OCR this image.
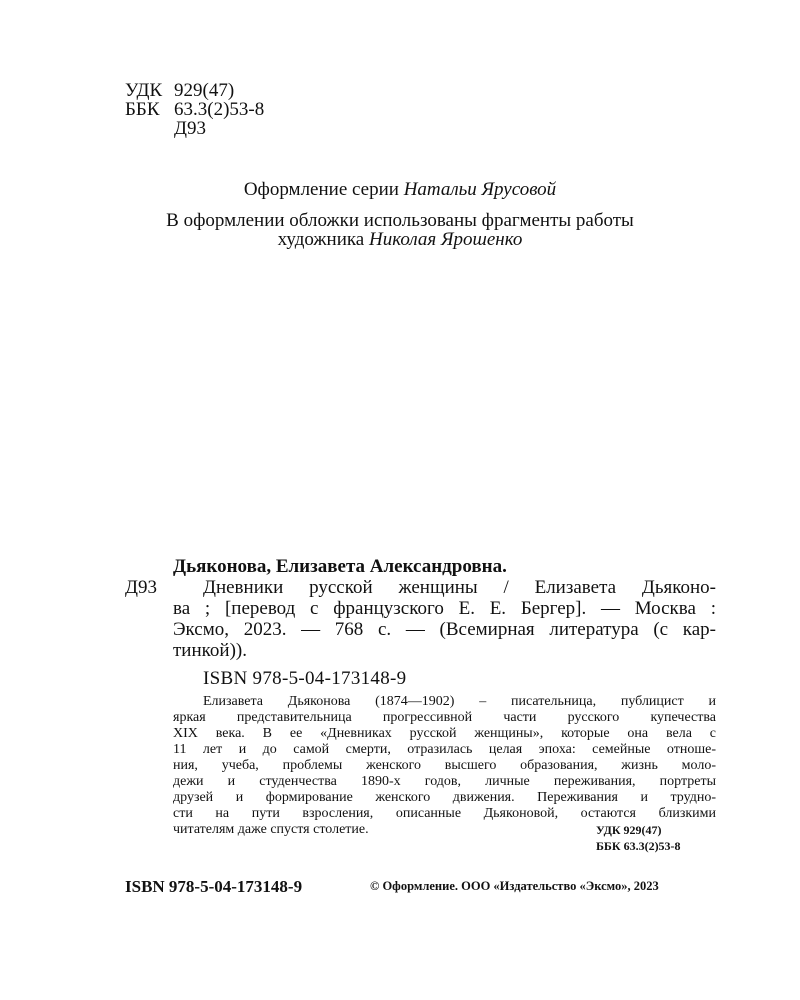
УДК 929(47)
ББК 63.3(2)53-8
Д93
Оформление серии Натальи Ярусовой
В оформлении обложки использованы фрагменты работы
художника Николая Ярошенко
Дьяконова, Елизавета Александровна.
Д93 Дневники русской женщины / Елизавета Дьяконо-
ва ; [перевод с французского Е. Е. Бергер]. — Москва :
Эксмо, 2023. — 768 с. — (Всемирная литература (с кар-
тинкой)).
ISBN 978-5-04-173148-9
Елизавета Дьяконова (1874—1902) – писательница, публицист и
яркая представительница прогрессивной части русского купечества
XIX века. В ее «Дневниках русской женщины», которые она вела с
11 лет и до самой смерти, отразилась целая эпоха: семейные отноше-
ния, учеба, проблемы женского высшего образования, жизнь моло-
дежи и студенчества 1890-х годов, личные переживания, портреты
друзей и формирование женского движения. Переживания и трудно-
сти на пути взросления, описанные Дьяконовой, остаются близкими
читателям даже спустя столетие.	УДК 929(47)
ББК 63.3(2)53-8
ISBN 978-5-04-173148-9	© Оформление. ООО «Издательство «Эксмо», 2023
